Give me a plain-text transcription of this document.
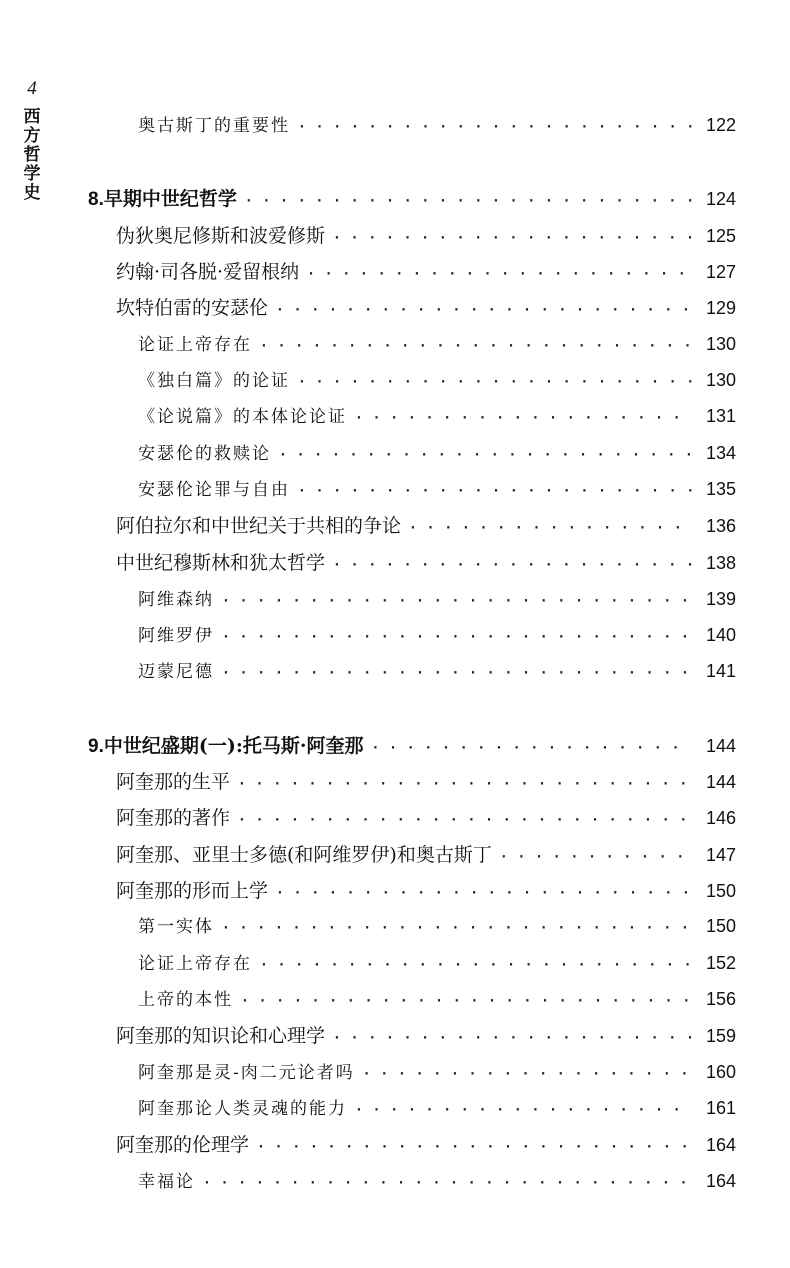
4
西方哲学史
奥古斯丁的重要性 · · ·	122
8. 早期中世纪哲学 · · ·	124
伪狄奥尼修斯和波爱修斯 · · ·	125
约翰·司各脱·爱留根纳 · · ·	127
坎特伯雷的安瑟伦 · · ·	129
论证上帝存在 · · ·	130
《独白篇》的论证 · · ·	130
《论说篇》的本体论论证 · · ·	131
安瑟伦的救赎论 · · ·	134
安瑟伦论罪与自由 · · ·	135
阿伯拉尔和中世纪关于共相的争论 · · ·	136
中世纪穆斯林和犹太哲学 · · ·	138
阿维森纳 · · ·	139
阿维罗伊 · · ·	140
迈蒙尼德 · · ·	141
9. 中世纪盛期(一):托马斯·阿奎那 · · ·	144
阿奎那的生平 · · ·	144
阿奎那的著作 · · ·	146
阿奎那、亚里士多德(和阿维罗伊)和奥古斯丁 · · ·	147
阿奎那的形而上学 · · ·	150
第一实体 · · ·	150
论证上帝存在 · · ·	152
上帝的本性 · · ·	156
阿奎那的知识论和心理学 · · ·	159
阿奎那是灵-肉二元论者吗 · · ·	160
阿奎那论人类灵魂的能力 · · ·	161
阿奎那的伦理学 · · ·	164
幸福论 · · ·	164
